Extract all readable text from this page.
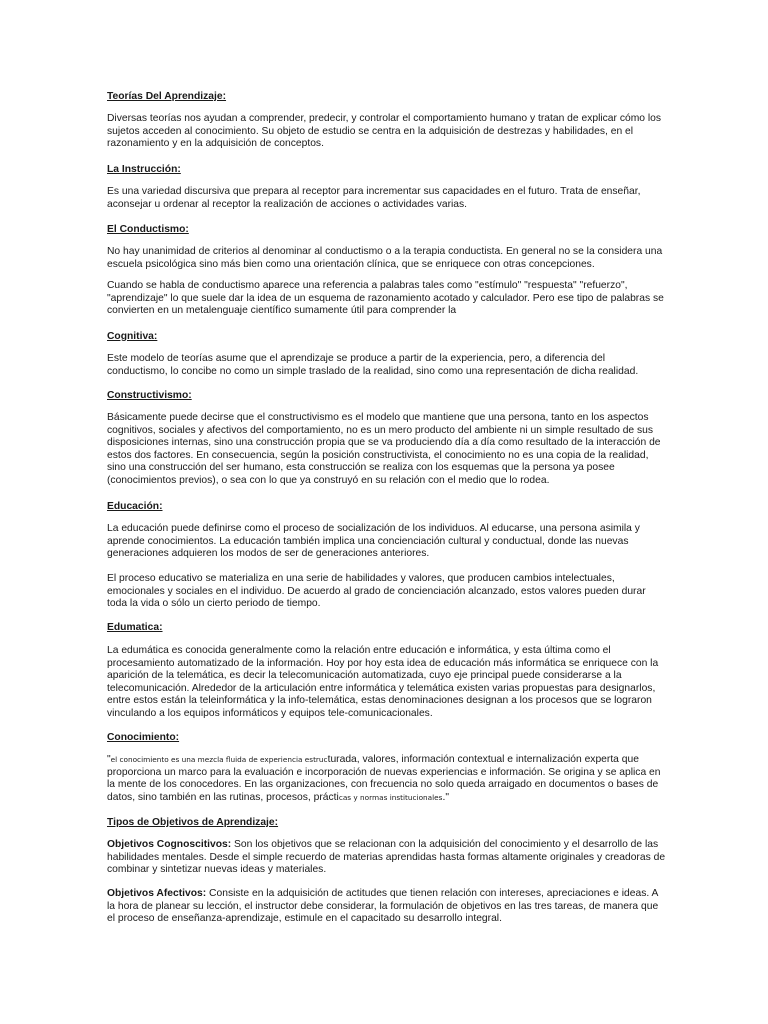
Teorías Del Aprendizaje:

Diversas teorías nos ayudan a comprender, predecir, y controlar el comportamiento humano y tratan de explicar cómo los sujetos acceden al conocimiento. Su objeto de estudio se centra en la adquisición de destrezas y habilidades, en el razonamiento y en la adquisición de conceptos.

La Instrucción:

Es una variedad discursiva que prepara al receptor para incrementar sus capacidades en el futuro. Trata de enseñar, aconsejar u ordenar al receptor la realización de acciones o actividades varias.

El Conductismo:

No hay unanimidad de criterios al denominar al conductismo o a la terapia conductista. En general no se la considera una escuela psicológica sino más bien como una orientación clínica, que se enriquece con otras concepciones.

Cuando se habla de conductismo aparece una referencia a palabras tales como "estímulo" "respuesta" "refuerzo", "aprendizaje" lo que suele dar la idea de un esquema de razonamiento acotado y calculador. Pero ese tipo de palabras se convierten en un metalenguaje científico sumamente útil para comprender la

Cognitiva:

Este modelo de teorías asume que el aprendizaje se produce a partir de la experiencia, pero, a diferencia del conductismo, lo concibe no como un simple traslado de la realidad, sino como una representación de dicha realidad.

Constructivismo:

Básicamente puede decirse que el constructivismo es el modelo que mantiene que una persona, tanto en los aspectos cognitivos, sociales y afectivos del comportamiento, no es un mero producto del ambiente ni un simple resultado de sus disposiciones internas, sino una construcción propia que se va produciendo día a día como resultado de la interacción de estos dos factores. En consecuencia, según la posición constructivista, el conocimiento no es una copia de la realidad, sino una construcción del ser humano, esta construcción se realiza con los esquemas que la persona ya posee (conocimientos previos), o sea con lo que ya construyó en su relación con el medio que lo rodea.

Educación:

La educación puede definirse como el proceso de socialización de los individuos. Al educarse, una persona asimila y aprende conocimientos. La educación también implica una concienciación cultural y conductual, donde las nuevas generaciones adquieren los modos de ser de generaciones anteriores.

El proceso educativo se materializa en una serie de habilidades y valores, que producen cambios intelectuales, emocionales y sociales en el individuo. De acuerdo al grado de concienciación alcanzado, estos valores pueden durar toda la vida o sólo un cierto periodo de tiempo.

Edumatica:

La edumática es conocida generalmente como la relación entre educación e informática, y esta última como el procesamiento automatizado de la información. Hoy por hoy esta idea de educación más informática se enriquece con la aparición de la telemática, es decir la telecomunicación automatizada, cuyo eje principal puede considerarse a la telecomunicación. Alrededor de la articulación entre informática y telemática existen varias propuestas para designarlos, entre estos están la teleinformática y la info-telemática, estas denominaciones designan a los procesos que se lograron vinculando a los equipos informáticos y equipos tele-comunicacionales.

Conocimiento:

"el conocimiento es una mezcla fluida de experiencia estructurada, valores, información contextual e internalización experta que proporciona un marco para la evaluación e incorporación de nuevas experiencias e información. Se origina y se aplica en la mente de los conocedores. En las organizaciones, con frecuencia no solo queda arraigado en documentos o bases de datos, sino también en las rutinas, procesos, prácticas y normas institucionales."

Tipos de Objetivos de Aprendizaje:

Objetivos Cognoscitivos: Son los objetivos que se relacionan con la adquisición del conocimiento y el desarrollo de las habilidades mentales. Desde el simple recuerdo de materias aprendidas hasta formas altamente originales y creadoras de combinar y sintetizar nuevas ideas y materiales.

Objetivos Afectivos: Consiste en la adquisición de actitudes que tienen relación con intereses, apreciaciones e ideas. A la hora de planear su lección, el instructor debe considerar, la formulación de objetivos en las tres tareas, de manera que el proceso de enseñanza-aprendizaje, estimule en el capacitado su desarrollo integral.
